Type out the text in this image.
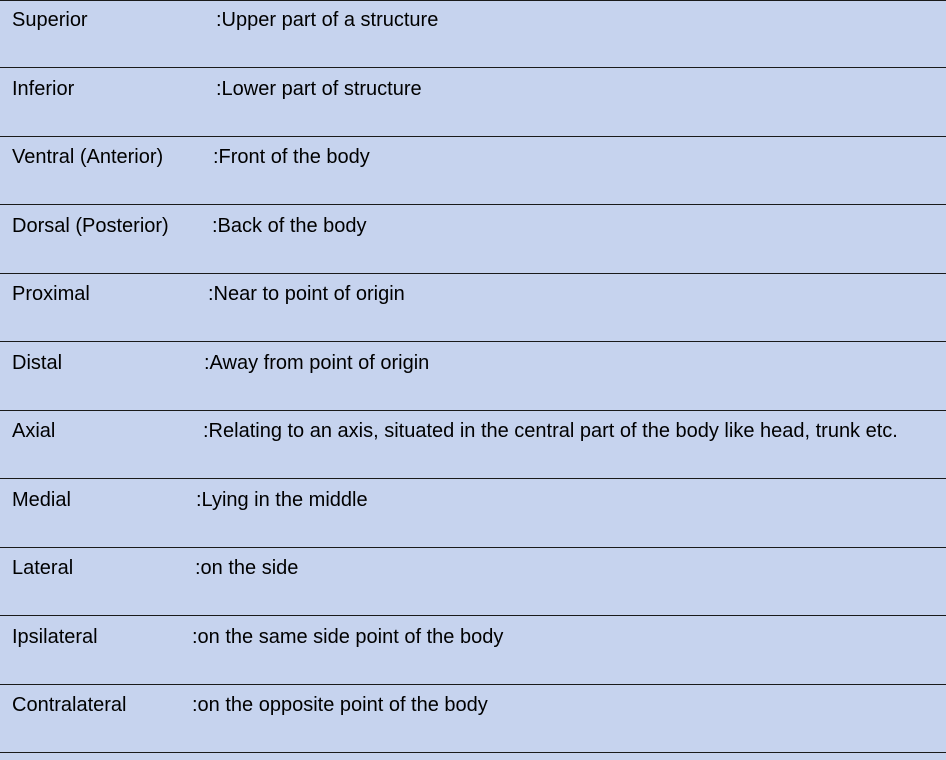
Superior	:Upper part of a structure
Inferior	:Lower part of structure
Ventral (Anterior) :Front of the body
Dorsal (Posterior) :Back of the body
Proximal	:Near to point of origin
Distal	:Away from point of origin
Axial	:Relating to an axis, situated in the central part of the body like head, trunk etc.
Medial	:Lying in the middle
Lateral	:on the side
Ipsilateral	:on the same side point of the body
Contralateral	:on the opposite point of the body
